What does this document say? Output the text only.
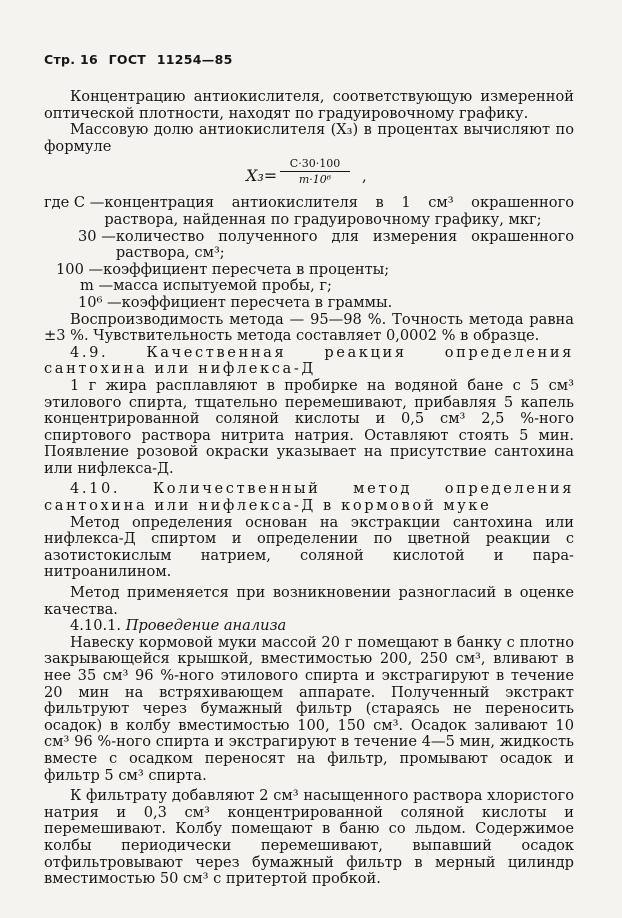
Стр. 16 ГОСТ 11254—85

Концентрацию антиокислителя, соответствующую измеренной оптической плотности, находят по градуировочному графику.

Массовую долю антиокислителя (X₃) в процентах вычисляют по формуле

$X_3= \frac{C\cdot 30\cdot 100}{\text{m·10⁶}}$ ,
где C — концентрация антиокислителя в 1 см³ окрашенного раствора, найденная по градуировочному графику, мкг;
30 — количество полученного для измерения окрашенного раствора, см³;
100 — коэффициент пересчета в проценты;
m — масса испытуемой пробы, г;
10⁶ — коэффициент пересчета в граммы.

Воспроизводимость метода — 95—98 %. Точность метода равна ±3 %. Чувствительность метода составляет 0,0002 % в образце.

4.9. Качественная реакция определения сантохина или нифлекса-Д

1 г жира расплавляют в пробирке на водяной бане с 5 см³ этилового спирта, тщательно перемешивают, прибавляя 5 капель концентрированной соляной кислоты и 0,5 см³ 2,5 %-ного спиртового раствора нитрита натрия. Оставляют стоять 5 мин. Появление розовой окраски указывает на присутствие сантохина или нифлекса-Д.

4.10. Количественный метод определения сантохина или нифлекса-Д в кормовой муке

Метод определения основан на экстракции сантохина или нифлекса-Д спиртом и определении по цветной реакции с азотистокислым натрием, соляной кислотой и пара-нитроанилином.

Метод применяется при возникновении разногласий в оценке качества.

4.10.1. Проведение анализа

Навеску кормовой муки массой 20 г помещают в банку с плотно закрывающейся крышкой, вместимостью 200, 250 см³, вливают в нее 35 см³ 96 %-ного этилового спирта и экстрагируют в течение 20 мин на встряхивающем аппарате. Полученный экстракт фильтруют через бумажный фильтр (стараясь не переносить осадок) в колбу вместимостью 100, 150 см³. Осадок заливают 10 см³ 96 %-ного спирта и экстрагируют в течение 4—5 мин, жидкость вместе с осадком переносят на фильтр, промывают осадок и фильтр 5 см³ спирта.

К фильтрату добавляют 2 см³ насыщенного раствора хлористого натрия и 0,3 см³ концентрированной соляной кислоты и перемешивают. Колбу помещают в баню со льдом. Содержимое колбы периодически перемешивают, выпавший осадок отфильтровывают через бумажный фильтр в мерный цилиндр вместимостью 50 см³ с притертой пробкой.
